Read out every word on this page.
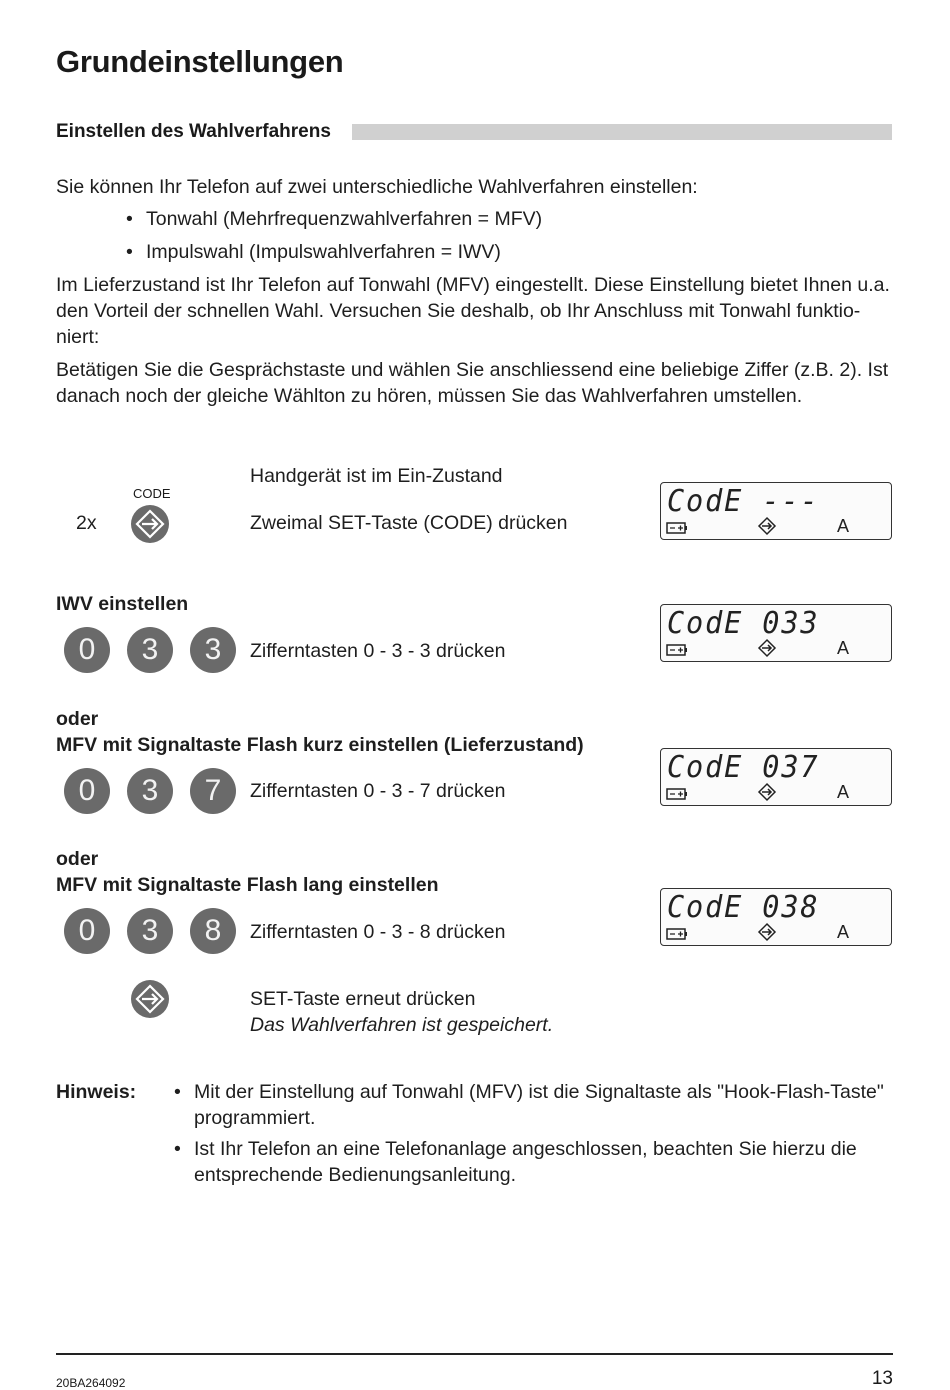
Grundeinstellungen
Einstellen des Wahlverfahrens
Sie können Ihr Telefon auf zwei unterschiedliche Wahlverfahren einstellen:
• Tonwahl (Mehrfrequenzwahlverfahren = MFV)
• Impulswahl (Impulswahlverfahren = IWV)
Im Lieferzustand ist Ihr Telefon auf Tonwahl (MFV) eingestellt. Diese Einstellung bietet Ihnen u.a.
den Vorteil der schnellen Wahl. Versuchen Sie deshalb, ob Ihr Anschluss mit Tonwahl funktio-
niert:
Betätigen Sie die Gesprächstaste und wählen Sie anschliessend eine beliebige Ziffer (z.B. 2). Ist
danach noch der gleiche Wählton zu hören, müssen Sie das Wahlverfahren umstellen.
Handgerät ist im Ein-Zustand
CODE
2x	Zweimal SET-Taste (CODE) drücken
CodE ---
A
IWV einstellen
0	3	3	Zifferntasten 0 - 3 - 3 drücken
CodE 033
A
oder
MFV mit Signaltaste Flash kurz einstellen (Lieferzustand)
0	3	7	Zifferntasten 0 - 3 - 7 drücken
CodE 037
A
oder
MFV mit Signaltaste Flash lang einstellen
0	3	8	Zifferntasten 0 - 3 - 8 drücken
CodE 038
A
SET-Taste erneut drücken
Das Wahlverfahren ist gespeichert.
Hinweis: • Mit der Einstellung auf Tonwahl (MFV) ist die Signaltaste als "Hook-Flash-Taste"
programmiert.
• Ist Ihr Telefon an eine Telefonanlage angeschlossen, beachten Sie hierzu die
entsprechende Bedienungsanleitung.
20BA264092	13
